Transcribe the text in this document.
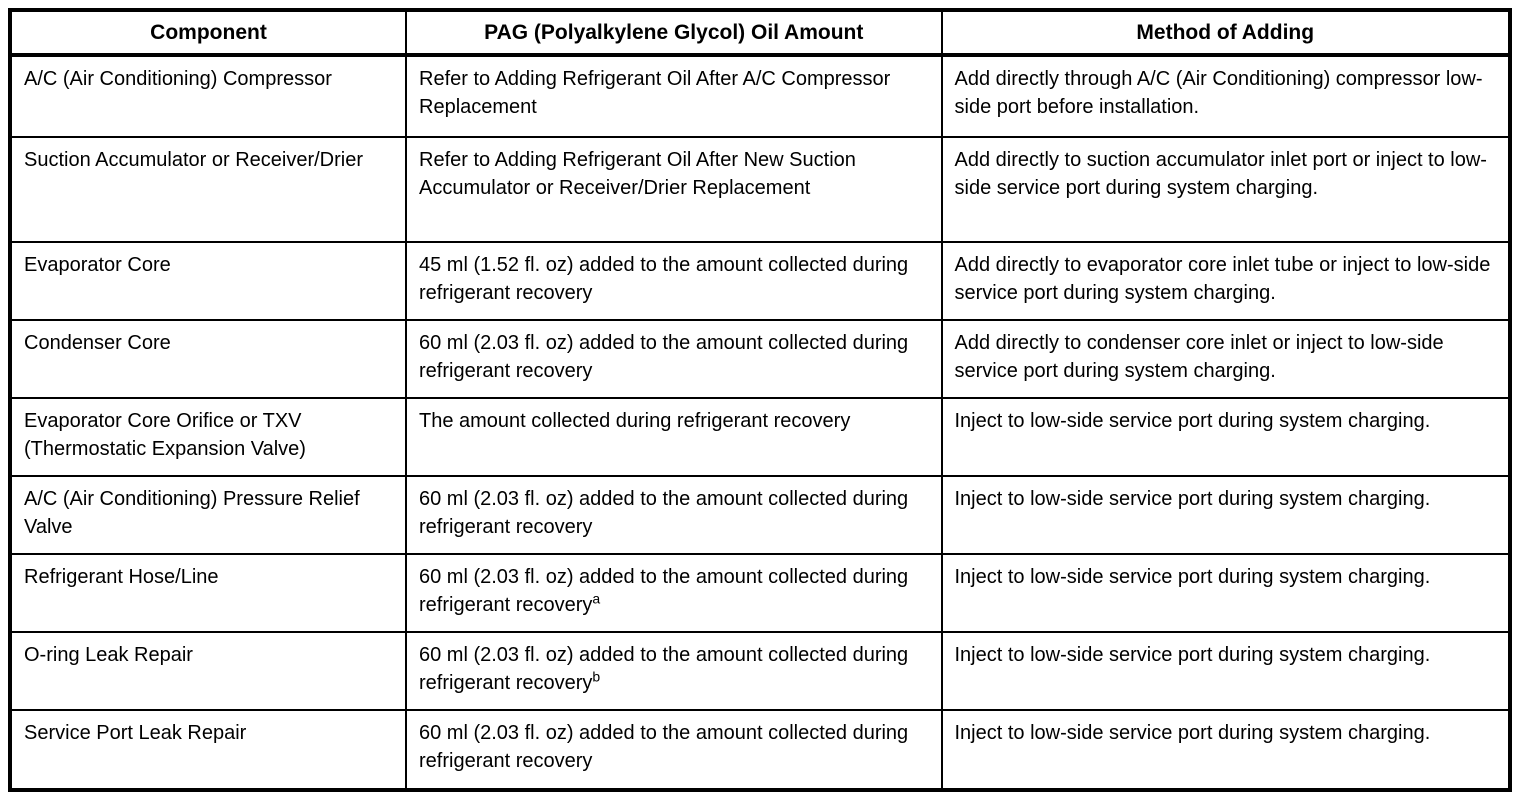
Component	PAG (Polyalkylene Glycol) Oil Amount	Method of Adding
A/C (Air Conditioning) Compressor	Refer to Adding Refrigerant Oil After A/C Compressor Replacement	Add directly through A/C (Air Conditioning) compressor low-side port before installation.
Suction Accumulator or Receiver/Drier	Refer to Adding Refrigerant Oil After New Suction Accumulator or Receiver/Drier Replacement	Add directly to suction accumulator inlet port or inject to low-side service port during system charging.
Evaporator Core	45 ml (1.52 fl. oz) added to the amount collected during refrigerant recovery	Add directly to evaporator core inlet tube or inject to low-side service port during system charging.
Condenser Core	60 ml (2.03 fl. oz) added to the amount collected during refrigerant recovery	Add directly to condenser core inlet or inject to low-side service port during system charging.
Evaporator Core Orifice or TXV (Thermostatic Expansion Valve)	The amount collected during refrigerant recovery	Inject to low-side service port during system charging.
A/C (Air Conditioning) Pressure Relief Valve	60 ml (2.03 fl. oz) added to the amount collected during refrigerant recovery	Inject to low-side service port during system charging.
Refrigerant Hose/Line	60 ml (2.03 fl. oz) added to the amount collected during refrigerant recovery$^a$	Inject to low-side service port during system charging.
O-ring Leak Repair	60 ml (2.03 fl. oz) added to the amount collected during refrigerant recovery$^b$	Inject to low-side service port during system charging.
Service Port Leak Repair	60 ml (2.03 fl. oz) added to the amount collected during refrigerant recovery	Inject to low-side service port during system charging.
